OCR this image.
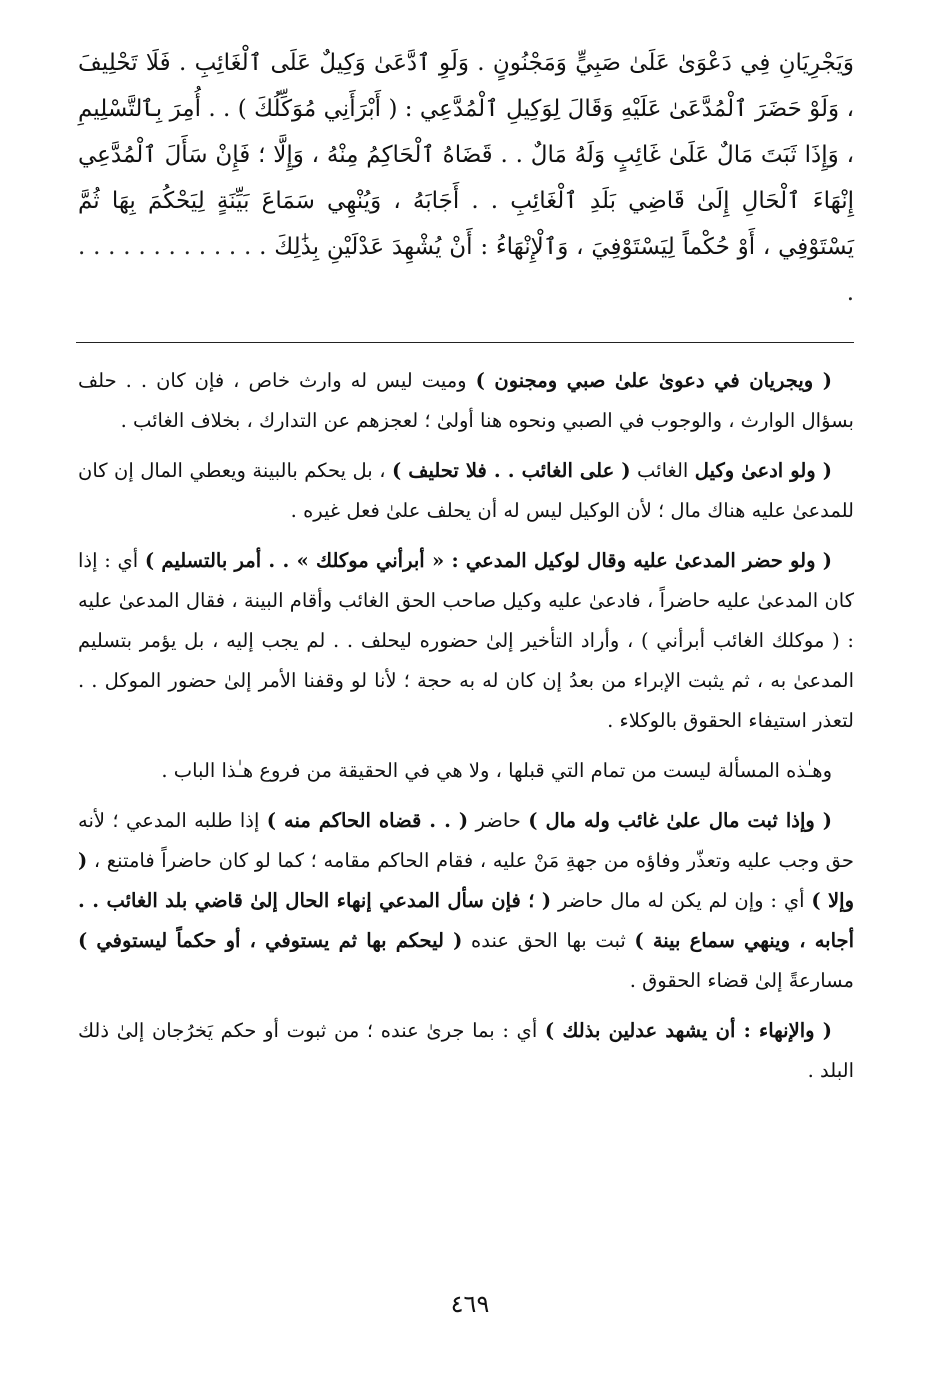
وَيَجْرِيَانِ فِي دَعْوَىٰ عَلَىٰ صَبِيٍّ وَمَجْنُونٍ . وَلَوِ ٱدَّعَىٰ وَكِيلٌ عَلَى ٱلْغَائِبِ . فَلَا تَحْلِيفَ ، وَلَوْ حَضَرَ ٱلْمُدَّعَىٰ عَلَيْهِ وَقَالَ لِوَكِيلِ ٱلْمُدَّعِي : ( أَبْرَأَنِي مُوَكِّلُكَ ) . . أُمِرَ بِٱلتَّسْلِيمِ ، وَإِذَا ثَبَتَ مَالٌ عَلَىٰ غَائِبٍ وَلَهُ مَالٌ . . قَضَاهُ ٱلْحَاكِمُ مِنْهُ ، وَإِلَّا ؛ فَإِنْ سَأَلَ ٱلْمُدَّعِي إِنْهَاءَ ٱلْحَالِ إِلَىٰ قَاضِي بَلَدِ ٱلْغَائِبِ . . أَجَابَهُ ، وَيُنْهِي سَمَاعَ بَيِّنَةٍ لِيَحْكُمَ بِهَا ثُمَّ يَسْتَوْفِي ، أَوْ حُكْماً لِيَسْتَوْفِيَ ، وَٱلْإِنْهَاءُ : أَنْ يُشْهِدَ عَدْلَيْنِ بِذَٰلِكَ . . . . . . . . . . . . . .

( ويجريان في دعوىٰ علىٰ صبي ومجنون ) وميت ليس له وارث خاص ، فإن كان . . حلف بسؤال الوارث ، والوجوب في الصبي ونحوه هنا أولىٰ ؛ لعجزهم عن التدارك ، بخلاف الغائب .

( ولو ادعىٰ وكيل الغائب ( على الغائب . . فلا تحليف ) ، بل يحكم بالبينة ويعطي المال إن كان للمدعىٰ عليه هناك مال ؛ لأن الوكيل ليس له أن يحلف علىٰ فعل غيره .

( ولو حضر المدعىٰ عليه وقال لوكيل المدعي : « أبرأني موكلك » . . أمر بالتسليم ) أي : إذا كان المدعىٰ عليه حاضراً ، فادعىٰ عليه وكيل صاحب الحق الغائب وأقام البينة ، فقال المدعىٰ عليه : ( موكلك الغائب أبرأني ) ، وأراد التأخير إلىٰ حضوره ليحلف . . لم يجب إليه ، بل يؤمر بتسليم المدعىٰ به ، ثم يثبت الإبراء من بعدُ إن كان له به حجة ؛ لأنا لو وقفنا الأمر إلىٰ حضور الموكل . . لتعذر استيفاء الحقوق بالوكلاء .

وهـٰذه المسألة ليست من تمام التي قبلها ، ولا هي في الحقيقة من فروع هـٰذا الباب .

( وإذا ثبت مال علىٰ غائب وله مال ) حاضر ( . . قضاه الحاكم منه ) إذا طلبه المدعي ؛ لأنه حق وجب عليه وتعذّر وفاؤه من جهةِ مَنْ عليه ، فقام الحاكم مقامه ؛ كما لو كان حاضراً فامتنع ، ( وإلا ) أي : وإن لم يكن له مال حاضر ( ؛ فإن سأل المدعي إنهاء الحال إلىٰ قاضي بلد الغائب . . أجابه ، وينهي سماع بينة ) ثبت بها الحق عنده ( ليحكم بها ثم يستوفي ، أو حكماً ليستوفي ) مسارعةً إلىٰ قضاء الحقوق .

( والإنهاء : أن يشهد عدلين بذلك ) أي : بما جرىٰ عنده ؛ من ثبوت أو حكم يَخرُجان إلىٰ ذلك البلد .

٤٦٩
